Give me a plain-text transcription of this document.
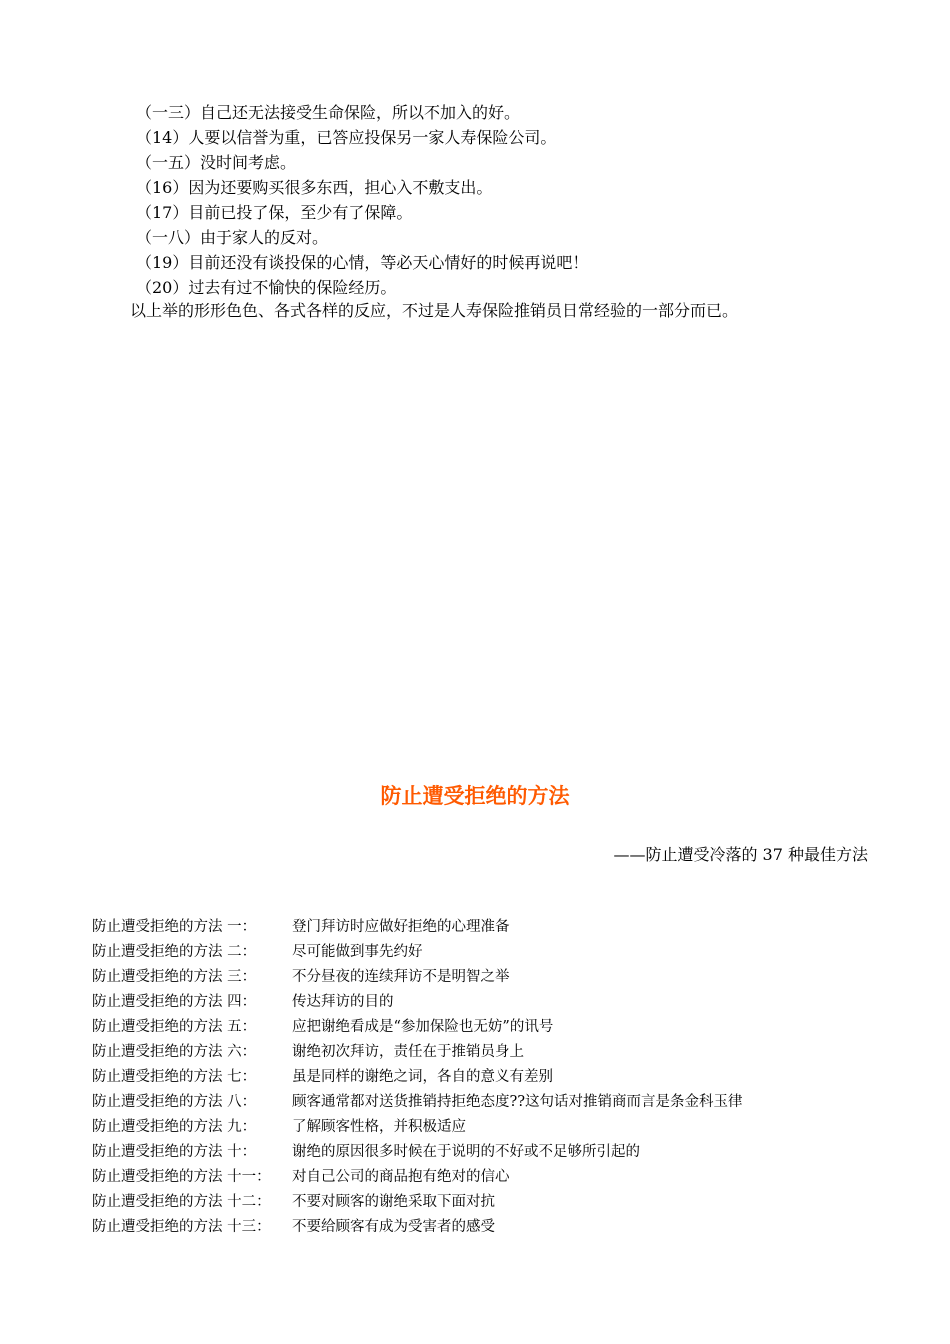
（一三）自己还无法接受生命保险，所以不加入的好。
（14）人要以信誉为重，已答应投保另一家人寿保险公司。
（一五）没时间考虑。
（16）因为还要购买很多东西，担心入不敷支出。
（17）目前已投了保，至少有了保障。
（一八）由于家人的反对。
（19）目前还没有谈投保的心情，等必天心情好的时候再说吧！
（20）过去有过不愉快的保险经历。
以上举的形形色色、各式各样的反应，不过是人寿保险推销员日常经验的一部分而已。
防止遭受拒绝的方法
——防止遭受冷落的 37 种最佳方法
防止遭受拒绝的方法 一： 登门拜访时应做好拒绝的心理准备
防止遭受拒绝的方法 二： 尽可能做到事先约好
防止遭受拒绝的方法 三： 不分昼夜的连续拜访不是明智之举
防止遭受拒绝的方法 四： 传达拜访的目的
防止遭受拒绝的方法 五： 应把谢绝看成是“参加保险也无妨”的讯号
防止遭受拒绝的方法 六： 谢绝初次拜访，责任在于推销员身上
防止遭受拒绝的方法 七： 虽是同样的谢绝之词，各自的意义有差别
防止遭受拒绝的方法 八： 顾客通常都对送货推销持拒绝态度??这句话对推销商而言是条金科玉律
防止遭受拒绝的方法 九： 了解顾客性格，并积极适应
防止遭受拒绝的方法 十： 谢绝的原因很多时候在于说明的不好或不足够所引起的
防止遭受拒绝的方法 十一： 对自己公司的商品抱有绝对的信心
防止遭受拒绝的方法 十二： 不要对顾客的谢绝采取下面对抗
防止遭受拒绝的方法 十三： 不要给顾客有成为受害者的感受
